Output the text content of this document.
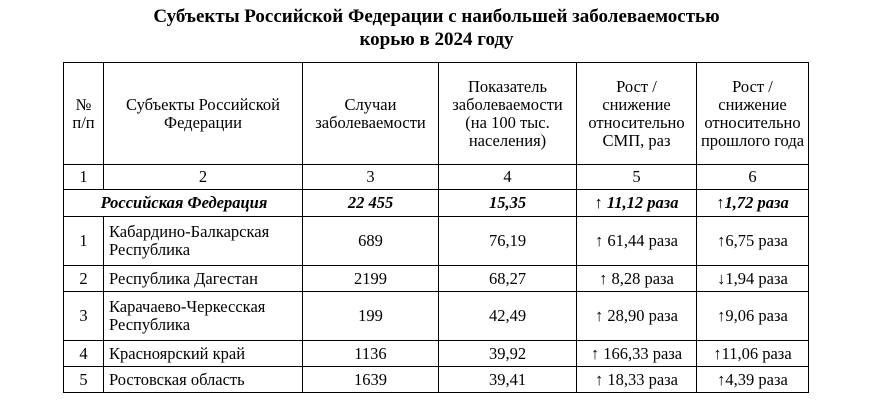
Субъекты Российской Федерации с наибольшей заболеваемостью
корью в 2024 году
№ п/п	Субъекты Российской Федерации	Случаи заболеваемости	Показатель заболеваемости (на 100 тыс. населения)	Рост / снижение относительно СМП, раз	Рост / снижение относительно прошлого года
1	2	3	4	5	6
Российская Федерация		22 455	15,35	↑ 11,12 раза	↑1,72 раза
1	Кабардино-Балкарская Республика	689	76,19	↑ 61,44 раза	↑6,75 раза
2	Республика Дагестан	2199	68,27	↑ 8,28 раза	↓1,94 раза
3	Карачаево-Черкесская Республика	199	42,49	↑ 28,90 раза	↑9,06 раза
4	Красноярский край	1136	39,92	↑ 166,33 раза	↑11,06 раза
5	Ростовская область	1639	39,41	↑ 18,33 раза	↑4,39 раза
